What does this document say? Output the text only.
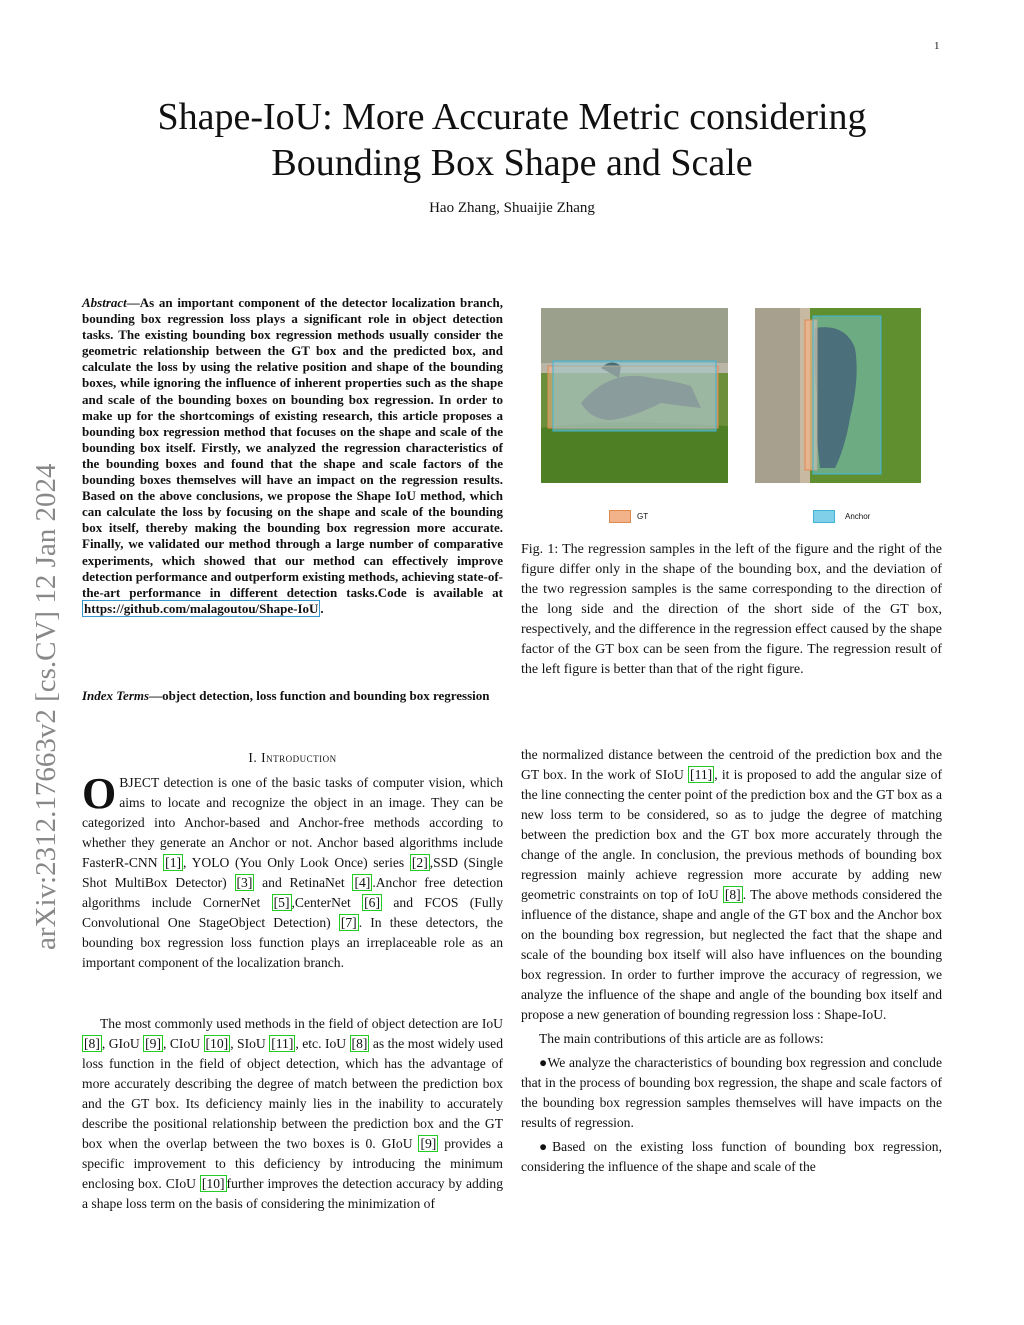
1
Shape-IoU: More Accurate Metric considering
Bounding Box Shape and Scale
Hao Zhang, Shuaijie Zhang
arXiv:2312.17663v2 [cs.CV] 12 Jan 2024
Abstract—As an important component of the detector localization branch, bounding box regression loss plays a significant role in object detection tasks. The existing bounding box regression methods usually consider the geometric relationship between the GT box and the predicted box, and calculate the loss by using the relative position and shape of the bounding boxes, while ignoring the influence of inherent properties such as the shape and scale of the bounding boxes on bounding box regression. In order to make up for the shortcomings of existing research, this article proposes a bounding box regression method that focuses on the shape and scale of the bounding box itself. Firstly, we analyzed the regression characteristics of the bounding boxes and found that the shape and scale factors of the bounding boxes themselves will have an impact on the regression results. Based on the above conclusions, we propose the Shape IoU method, which can calculate the loss by focusing on the shape and scale of the bounding box itself, thereby making the bounding box regression more accurate. Finally, we validated our method through a large number of comparative experiments, which showed that our method can effectively improve detection performance and outperform existing methods, achieving state-of-the-art performance in different detection tasks.Code is available at https://github.com/malagoutou/Shape-IoU .
Index Terms—object detection, loss function and bounding box regression
I. Introduction

OBJECT detection is one of the basic tasks of computer vision, which aims to locate and recognize the object in an image. They can be categorized into Anchor-based and Anchor-free methods according to whether they generate an Anchor or not. Anchor based algorithms include FasterR-CNN [1] , YOLO (You Only Look Once) series [2] ,SSD (Single Shot MultiBox Detector) [3] and RetinaNet [4] .Anchor free detection algorithms include CornerNet [5] ,CenterNet [6] and FCOS (Fully Convolutional One StageObject Detection) [7] . In these detectors, the bounding box regression loss function plays an irreplaceable role as an important component of the localization branch.

The most commonly used methods in the field of object detection are IoU [8] , GIoU [9] , CIoU [10] , SIoU [11] , etc. IoU [8] as the most widely used loss function in the field of object detection, which has the advantage of more accurately describing the degree of match between the prediction box and the GT box. Its deficiency mainly lies in the inability to accurately describe the positional relationship between the prediction box and the GT box when the overlap between the two boxes is 0. GIoU [9] provides a specific improvement to this deficiency by introducing the minimum enclosing box. CIoU [10] further improves the detection accuracy by adding a shape loss term on the basis of considering the minimization of

GT	Anchor
Fig. 1: The regression samples in the left of the figure and the right of the figure differ only in the shape of the bounding box, and the deviation of the two regression samples is the same corresponding to the direction of the long side and the direction of the short side of the GT box, respectively, and the difference in the regression effect caused by the shape factor of the GT box can be seen from the figure. The regression result of the left figure is better than that of the right figure.

the normalized distance between the centroid of the prediction box and the GT box. In the work of SIoU [11] , it is proposed to add the angular size of the line connecting the center point of the prediction box and the GT box as a new loss term to be considered, so as to judge the degree of matching between the prediction box and the GT box more accurately through the change of the angle. In conclusion, the previous methods of bounding box regression mainly achieve regression more accurate by adding new geometric constraints on top of IoU [8] . The above methods considered the influence of the distance, shape and angle of the GT box and the Anchor box on the bounding box regression, but neglected the fact that the shape and scale of the bounding box itself will also have influences on the bounding box regression. In order to further improve the accuracy of regression, we analyze the influence of the shape and angle of the bounding box itself and propose a new generation of bounding regression loss : Shape-IoU.

The main contributions of this article are as follows:

●We analyze the characteristics of bounding box regression and conclude that in the process of bounding box regression, the shape and scale factors of the bounding box regression samples themselves will have impacts on the results of regression.

●Based on the existing loss function of bounding box regression, considering the influence of the shape and scale of the
